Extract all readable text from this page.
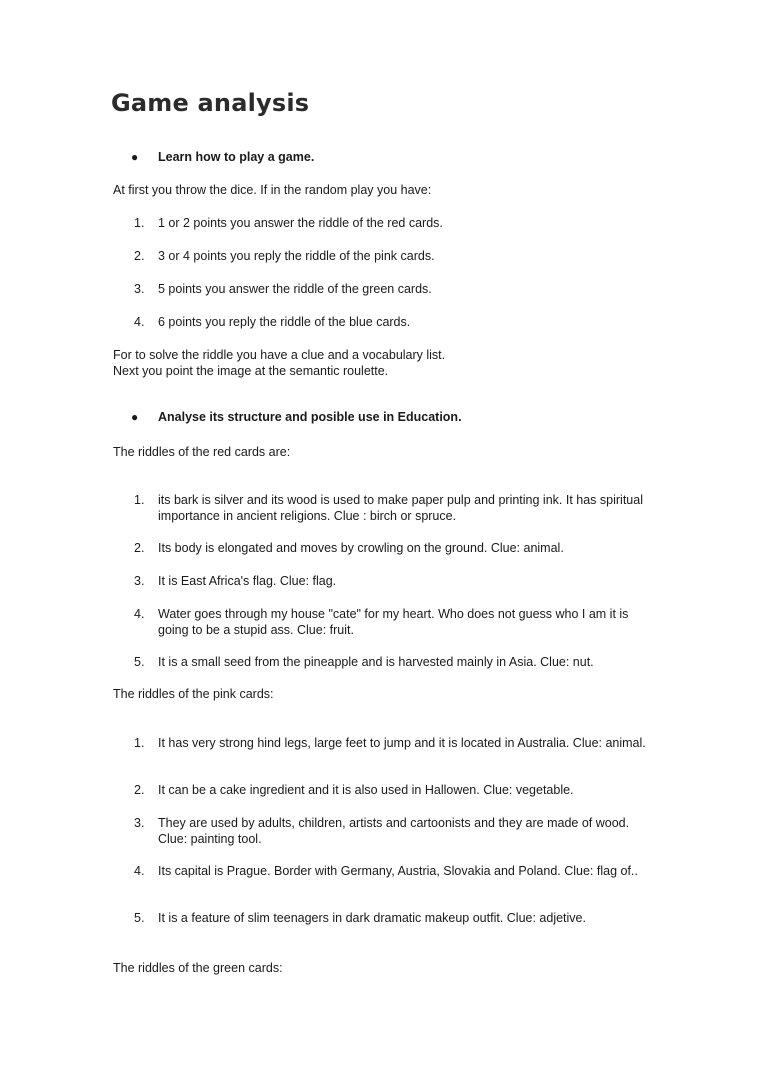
Game analysis
● Learn how to play a game.
At first you throw the dice. If in the random play you have:
1. 1 or 2 points you answer the riddle of the red cards.
2. 3 or 4 points you reply the riddle of the pink cards.
3. 5 points you answer the riddle of the green cards.
4. 6 points you reply the riddle of the blue cards.
For to solve the riddle you have a clue and a vocabulary list.
Next you point the image at the semantic roulette.
● Analyse its structure and posible use in Education.
The riddles of the red cards are:
1. its bark is silver and its wood is used to make paper pulp and printing ink. It has spiritual importance in ancient religions. Clue : birch or spruce.
2. Its body is elongated and moves by crowling on the ground. Clue: animal.
3. It is East Africa's flag. Clue: flag.
4. Water goes through my house "cate" for my heart. Who does not guess who I am it is going to be a stupid ass. Clue: fruit.
5. It is a small seed from the pineapple and is harvested mainly in Asia. Clue: nut.
The riddles of the pink cards:
1. It has very strong hind legs, large feet to jump and it is located in Australia. Clue: animal.
2. It can be a cake ingredient and it is also used in Hallowen. Clue: vegetable.
3. They are used by adults, children, artists and cartoonists and they are made of wood. Clue: painting tool.
4. Its capital is Prague. Border with Germany, Austria, Slovakia and Poland. Clue: flag of..
5. It is a feature of slim teenagers in dark dramatic makeup outfit. Clue: adjetive.
The riddles of the green cards:
